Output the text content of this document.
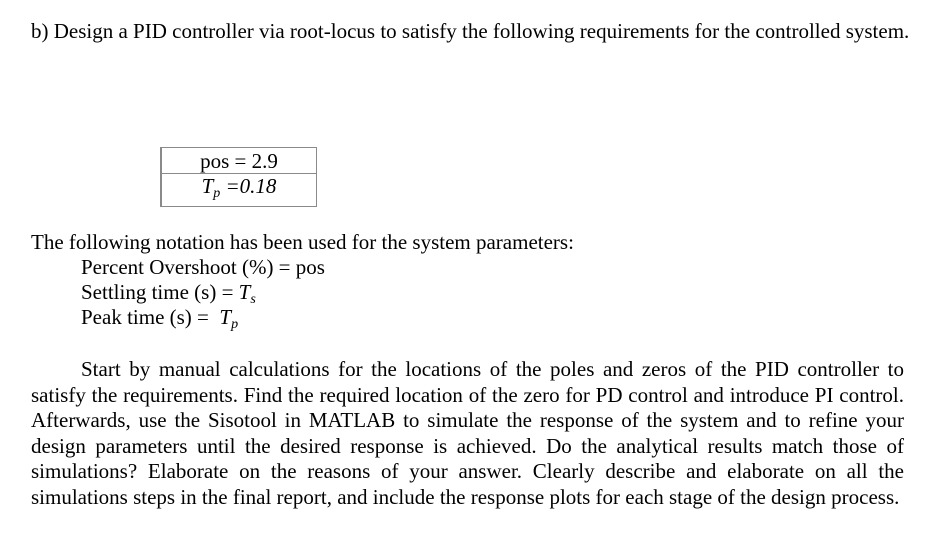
b) Design a PID controller via root-locus to satisfy the following requirements for the controlled system.
pos = 2.9
$T_p =0.18$
The following notation has been used for the system parameters:
Percent Overshoot (%) = pos
Settling time $(s) = T_s$
Peak time $(s) = T_p$
Start by manual calculations for the locations of the poles and zeros of the PID controller to satisfy the requirements. Find the required location of the zero for PD control and introduce PI control. Afterwards, use the Sisotool in MATLAB to simulate the response of the system and to refine your design parameters until the desired response is achieved. Do the analytical results match those of simulations? Elaborate on the reasons of your answer. Clearly describe and elaborate on all the simulations steps in the final report, and include the response plots for each stage of the design process.
